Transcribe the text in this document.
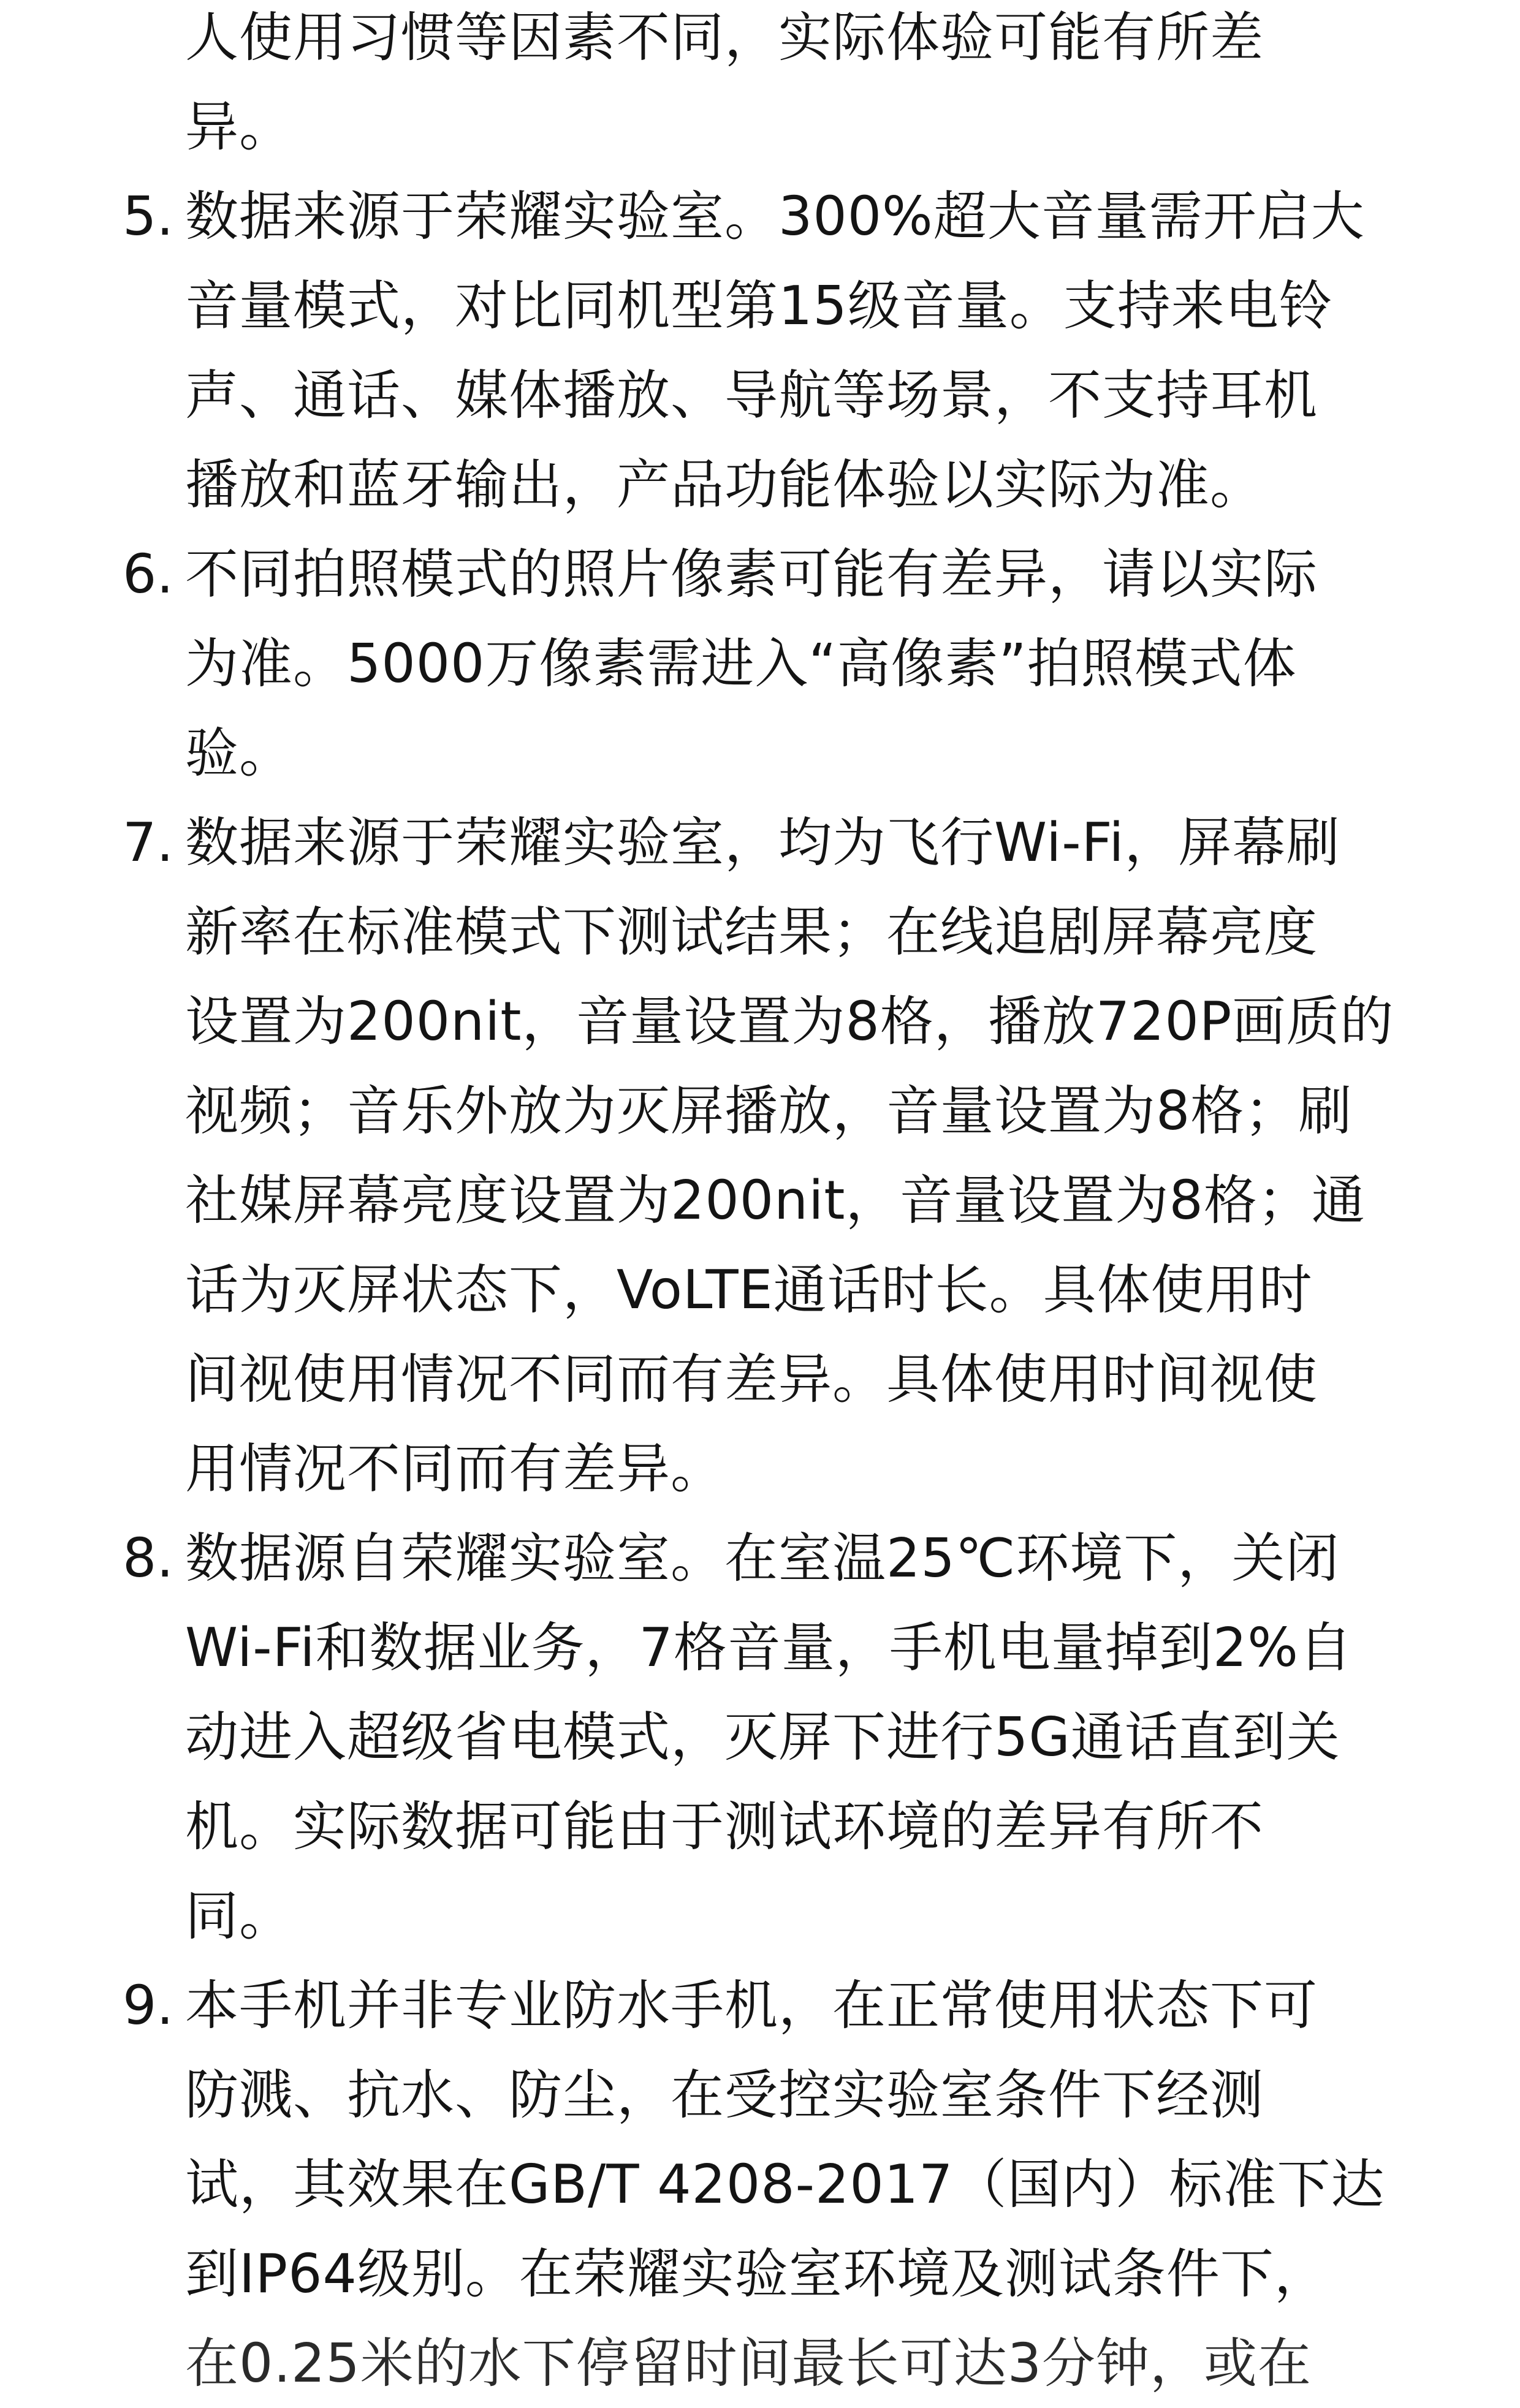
人使用习惯等因素不同，实际体验可能有所差
异。
5. 数据来源于荣耀实验室。300%超大音量需开启大
音量模式，对比同机型第15级音量。支持来电铃
声、通话、媒体播放、导航等场景，不支持耳机
播放和蓝牙输出，产品功能体验以实际为准。
6. 不同拍照模式的照片像素可能有差异，请以实际
为准。5000万像素需进入“高像素”拍照模式体
验。
7. 数据来源于荣耀实验室，均为飞行Wi-Fi，屏幕刷
新率在标准模式下测试结果；在线追剧屏幕亮度
设置为200nit，音量设置为8格，播放720P画质的
视频；音乐外放为灭屏播放，音量设置为8格；刷
社媒屏幕亮度设置为200nit，音量设置为8格；通
话为灭屏状态下，VoLTE通话时长。具体使用时
间视使用情况不同而有差异。具体使用时间视使
用情况不同而有差异。
8. 数据源自荣耀实验室。在室温25℃环境下，关闭
Wi-Fi和数据业务，7格音量，手机电量掉到2%自
动进入超级省电模式，灭屏下进行5G通话直到关
机。实际数据可能由于测试环境的差异有所不
同。
9. 本手机并非专业防水手机，在正常使用状态下可
防溅、抗水、防尘，在受控实验室条件下经测
试，其效果在GB/T 4208-2017（国内）标准下达
到IP64级别。在荣耀实验室环境及测试条件下，
在0.25米的水下停留时间最长可达3分钟，或在
